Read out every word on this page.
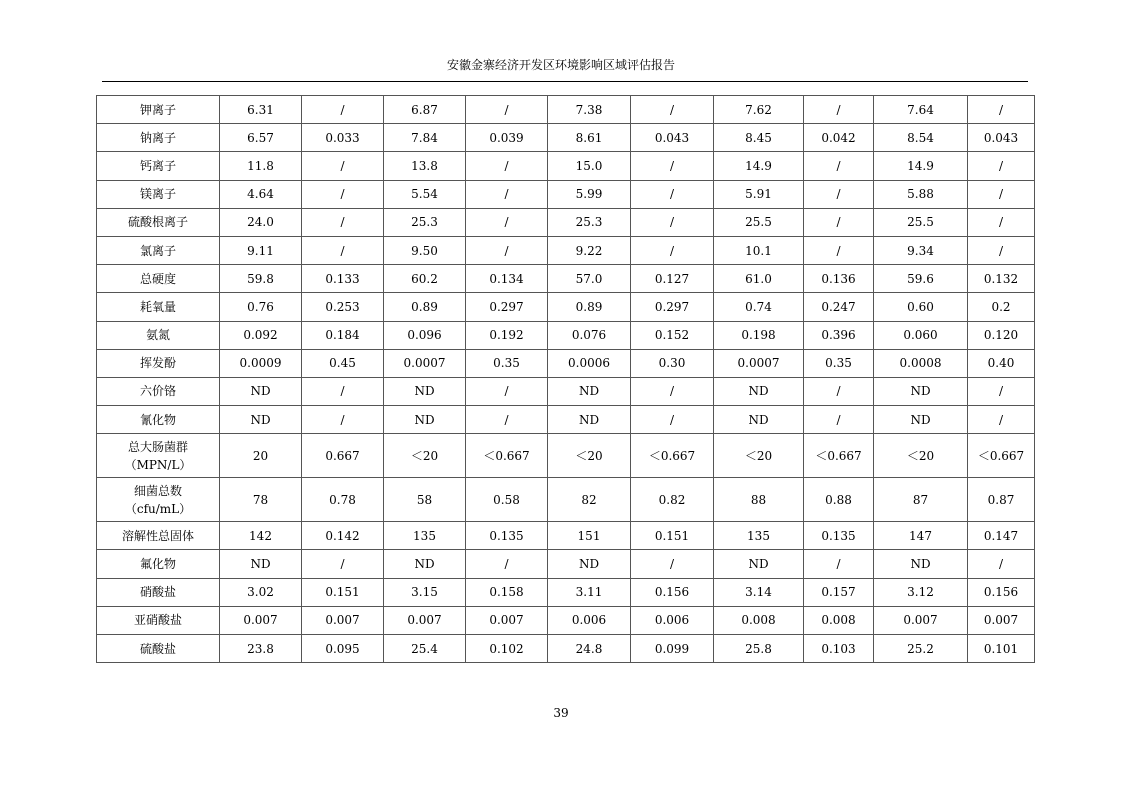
安徽金寨经济开发区环境影响区域评估报告
钾离子	6.31	/	6.87	/	7.38	/	7.62	/	7.64	/

钠离子	6.57	0.033	7.84	0.039	8.61	0.043	8.45	0.042	8.54	0.043

钙离子	11.8	/	13.8	/	15.0	/	14.9	/	14.9	/

镁离子	4.64	/	5.54	/	5.99	/	5.91	/	5.88	/

硫酸根离子	24.0	/	25.3	/	25.3	/	25.5	/	25.5	/

氯离子	9.11	/	9.50	/	9.22	/	10.1	/	9.34	/

总硬度	59.8	0.133	60.2	0.134	57.0	0.127	61.0	0.136	59.6	0.132

耗氧量	0.76	0.253	0.89	0.297	0.89	0.297	0.74	0.247	0.60	0.2

氨氮	0.092	0.184	0.096	0.192	0.076	0.152	0.198	0.396	0.060	0.120

挥发酚	0.0009	0.45	0.0007	0.35	0.0006	0.30	0.0007	0.35	0.0008	0.40

六价铬	ND	/	ND	/	ND	/	ND	/	ND	/

氰化物	ND	/	ND	/	ND	/	ND	/	ND	/

总大肠菌群
（MPN/L）	20	0.667	＜20	＜0.667	＜20	＜0.667	＜20	＜0.667	＜20	＜0.667

细菌总数
（cfu/mL）	78	0.78	58	0.58	82	0.82	88	0.88	87	0.87

溶解性总固体	142	0.142	135	0.135	151	0.151	135	0.135	147	0.147

氟化物	ND	/	ND	/	ND	/	ND	/	ND	/

硝酸盐	3.02	0.151	3.15	0.158	3.11	0.156	3.14	0.157	3.12	0.156

亚硝酸盐	0.007	0.007	0.007	0.007	0.006	0.006	0.008	0.008	0.007	0.007

硫酸盐	23.8	0.095	25.4	0.102	24.8	0.099	25.8	0.103	25.2	0.101
39
